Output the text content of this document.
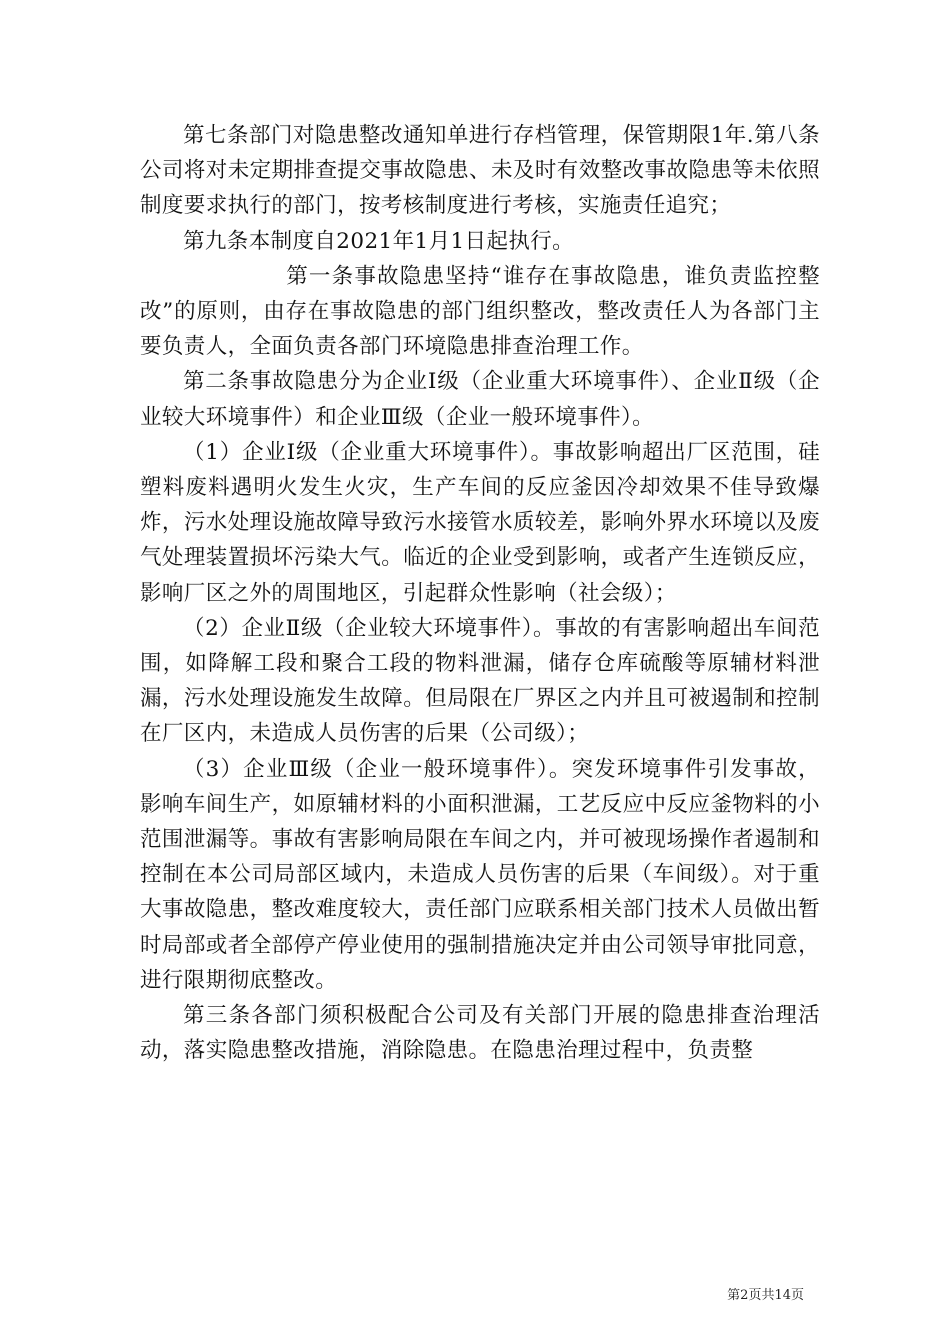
第七条部门对隐患整改通知单进行存档管理，保管期限1年.第八条公司将对未定期排查提交事故隐患、未及时有效整改事故隐患等未依照制度要求执行的部门，按考核制度进行考核，实施责任追究；

第九条本制度自2021年1月1日起执行。

第一条事故隐患坚持“谁存在事故隐患，谁负责监控整改”的原则，由存在事故隐患的部门组织整改，整改责任人为各部门主要负责人，全面负责各部门环境隐患排查治理工作。

第二条事故隐患分为企业Ⅰ级（企业重大环境事件）、企业Ⅱ级（企业较大环境事件）和企业Ⅲ级（企业一般环境事件）。

（1）企业Ⅰ级（企业重大环境事件）。事故影响超出厂区范围，硅塑料废料遇明火发生火灾，生产车间的反应釜因冷却效果不佳导致爆炸，污水处理设施故障导致污水接管水质较差，影响外界水环境以及废气处理装置损坏污染大气。临近的企业受到影响，或者产生连锁反应，影响厂区之外的周围地区，引起群众性影响（社会级）；

（2）企业Ⅱ级（企业较大环境事件）。事故的有害影响超出车间范围，如降解工段和聚合工段的物料泄漏，储存仓库硫酸等原辅材料泄漏，污水处理设施发生故障。但局限在厂界区之内并且可被遏制和控制在厂区内，未造成人员伤害的后果（公司级）；

（3）企业Ⅲ级（企业一般环境事件）。突发环境事件引发事故，影响车间生产，如原辅材料的小面积泄漏，工艺反应中反应釜物料的小范围泄漏等。事故有害影响局限在车间之内，并可被现场操作者遏制和控制在本公司局部区域内，未造成人员伤害的后果（车间级）。对于重大事故隐患，整改难度较大，责任部门应联系相关部门技术人员做出暂时局部或者全部停产停业使用的强制措施决定并由公司领导审批同意，进行限期彻底整改。

第三条各部门须积极配合公司及有关部门开展的隐患排查治理活动，落实隐患整改措施，消除隐患。在隐患治理过程中，负责整

第2页共14页
